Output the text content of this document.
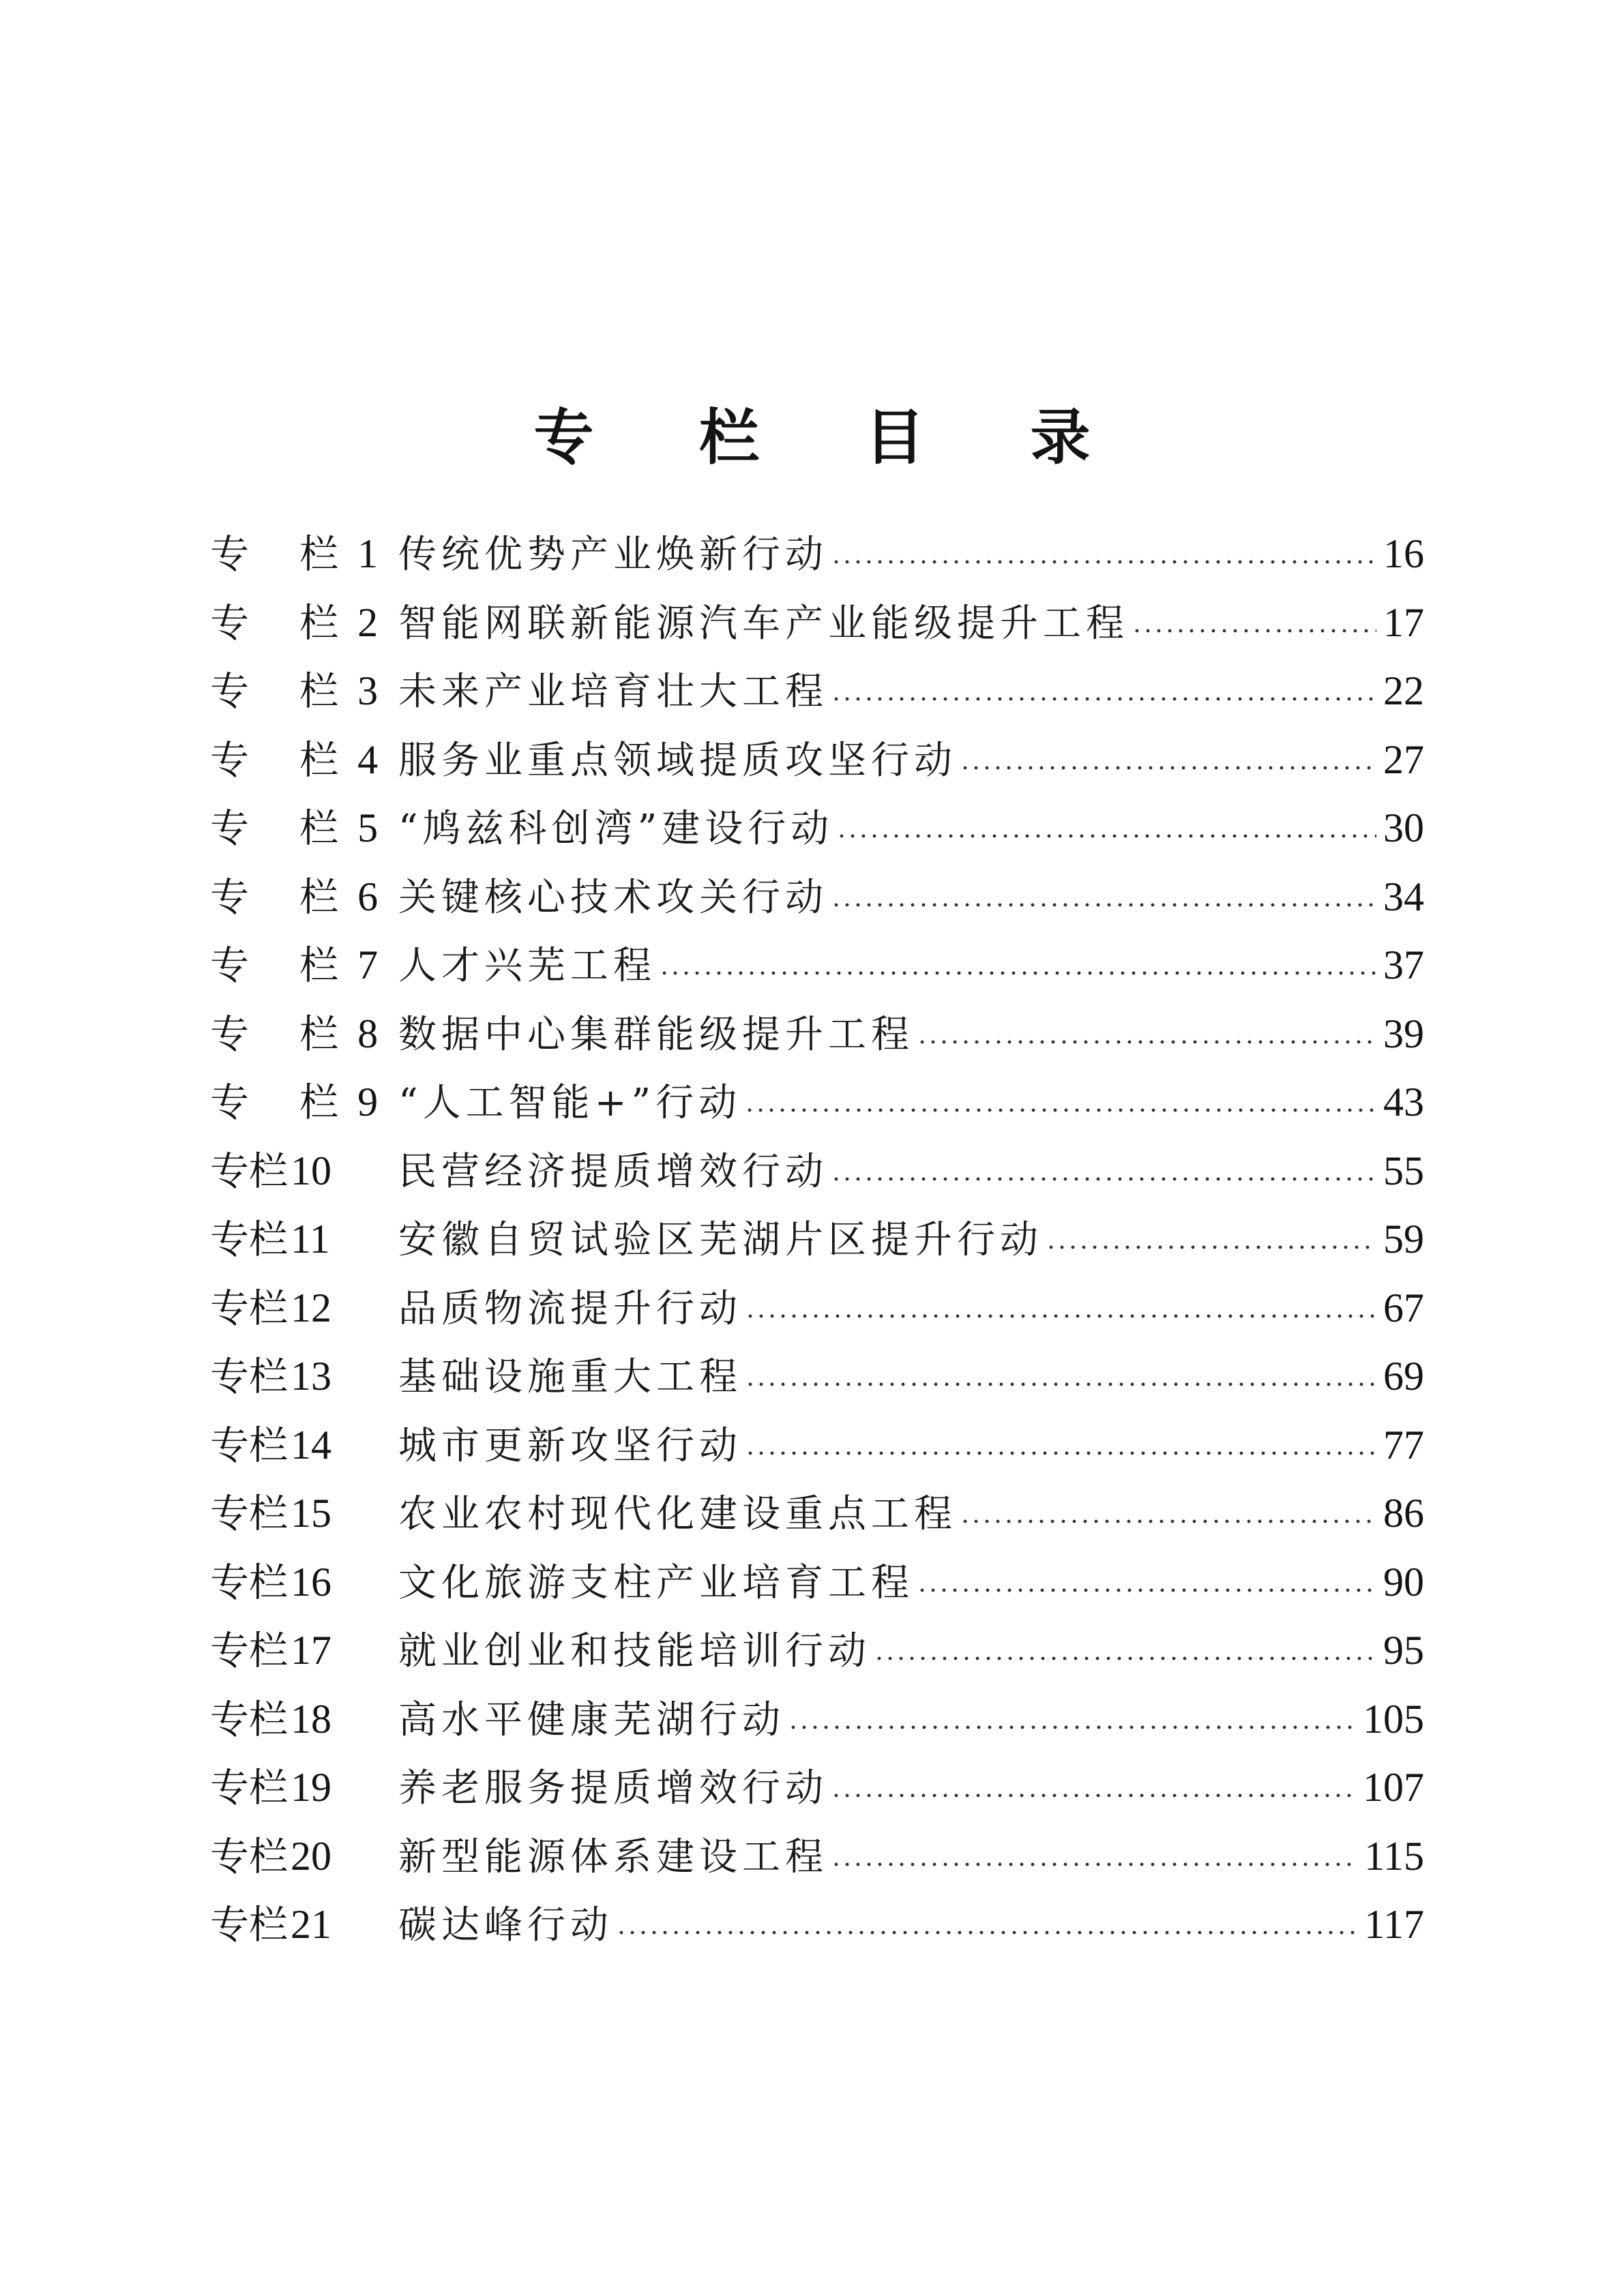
专 栏 目 录
专 栏 1 传统优势产业焕新行动	16
专 栏 2 智能网联新能源汽车产业能级提升工程	17
专 栏 3 未来产业培育壮大工程	22
专 栏 4 服务业重点领域提质攻坚行动	27
专 栏 5 “鸠兹科创湾”建设行动	30
专 栏 6 关键核心技术攻关行动	34
专 栏 7 人才兴芜工程	37
专 栏 8 数据中心集群能级提升工程	39
专 栏 9 “人工智能+”行动	43
专栏 10 民营经济提质增效行动	55
专栏 11 安徽自贸试验区芜湖片区提升行动	59
专栏 12 品质物流提升行动	67
专栏 13 基础设施重大工程	69
专栏 14 城市更新攻坚行动	77
专栏 15 农业农村现代化建设重点工程	86
专栏 16 文化旅游支柱产业培育工程	90
专栏 17 就业创业和技能培训行动	95
专栏 18 高水平健康芜湖行动	105
专栏 19 养老服务提质增效行动	107
专栏 20 新型能源体系建设工程	115
专栏 21 碳达峰行动	117
